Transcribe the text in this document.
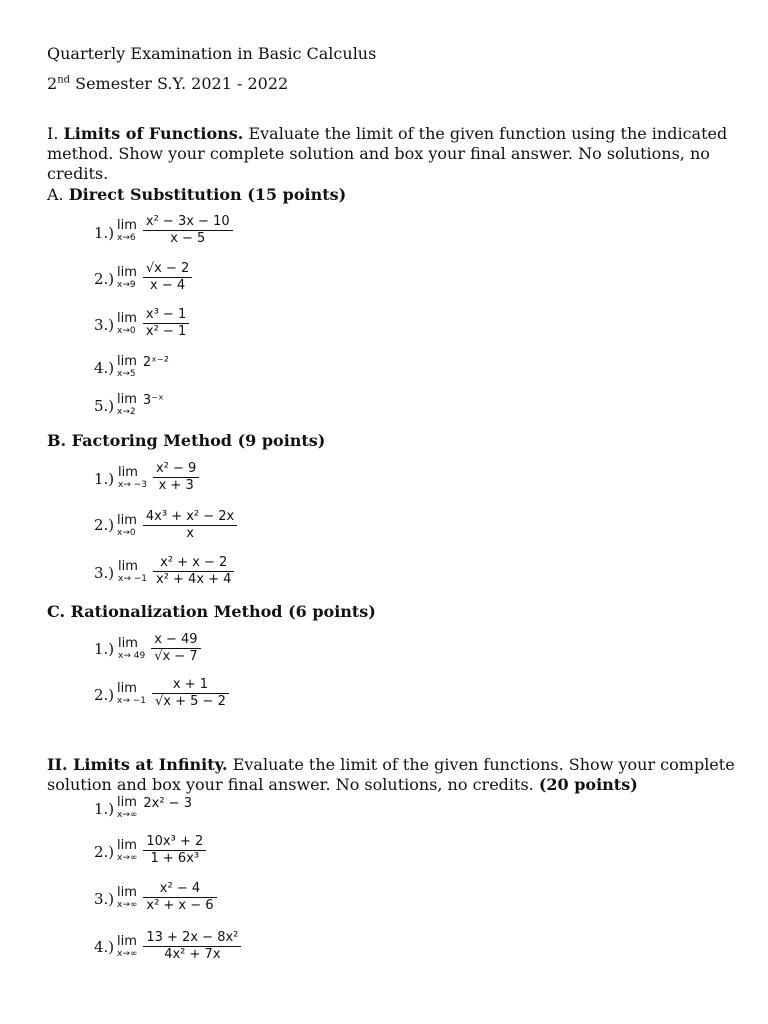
Quarterly Examination in Basic Calculus
2nd Semester S.Y. 2021 - 2022
I. Limits of Functions. Evaluate the limit of the given function using the indicated method. Show your complete solution and box your final answer. No solutions, no credits.
A. Direct Substitution (15 points)
1.) lim
$x\to 6 \frac{\text{x² − 3x − 10}}{x - 5}$
2.) lim
$x\to 9 \frac{√x - 2}{x - 4}$
3.) lim
$x\to 0 \frac{\text{x³ − 1}}{\text{x² − 1}}$
4.) lim
x→5
2ˣ⁻²
5.) lim
x→2
3⁻ˣ
B. Factoring Method (9 points)
1.) lim
$x\to -3 \frac{\text{x² − 9}}{x + 3}$
2.) lim
$x\to 0 \frac{\text{4x³ + x² − 2x}}{x}$
3.) lim
$x\to -1 \frac{\text{x² + x − 2}}{\text{x² + 4x + 4}}$
C. Rationalization Method (6 points)
1.) lim
$x\to 49 \frac{x - 49}{√x - 7}$
2.) lim
$x\to -1 \frac{x + 1}{√x + 5 - 2}$
II. Limits at Infinity. Evaluate the limit of the given functions. Show your complete solution and box your final answer. No solutions, no credits. (20 points)
1.) lim
x→∞
2x² − 3
2.) lim
$x\to\infty \frac{\text{10x³ + 2}}{\text{1 + 6x³}}$
3.) lim
$x\to\infty \frac{\text{x² − 4}}{\text{x² + x − 6}}$
4.) lim
$x\to\infty \frac{\text{13 + 2x − 8x²}}{\text{4x² + 7x}}$
